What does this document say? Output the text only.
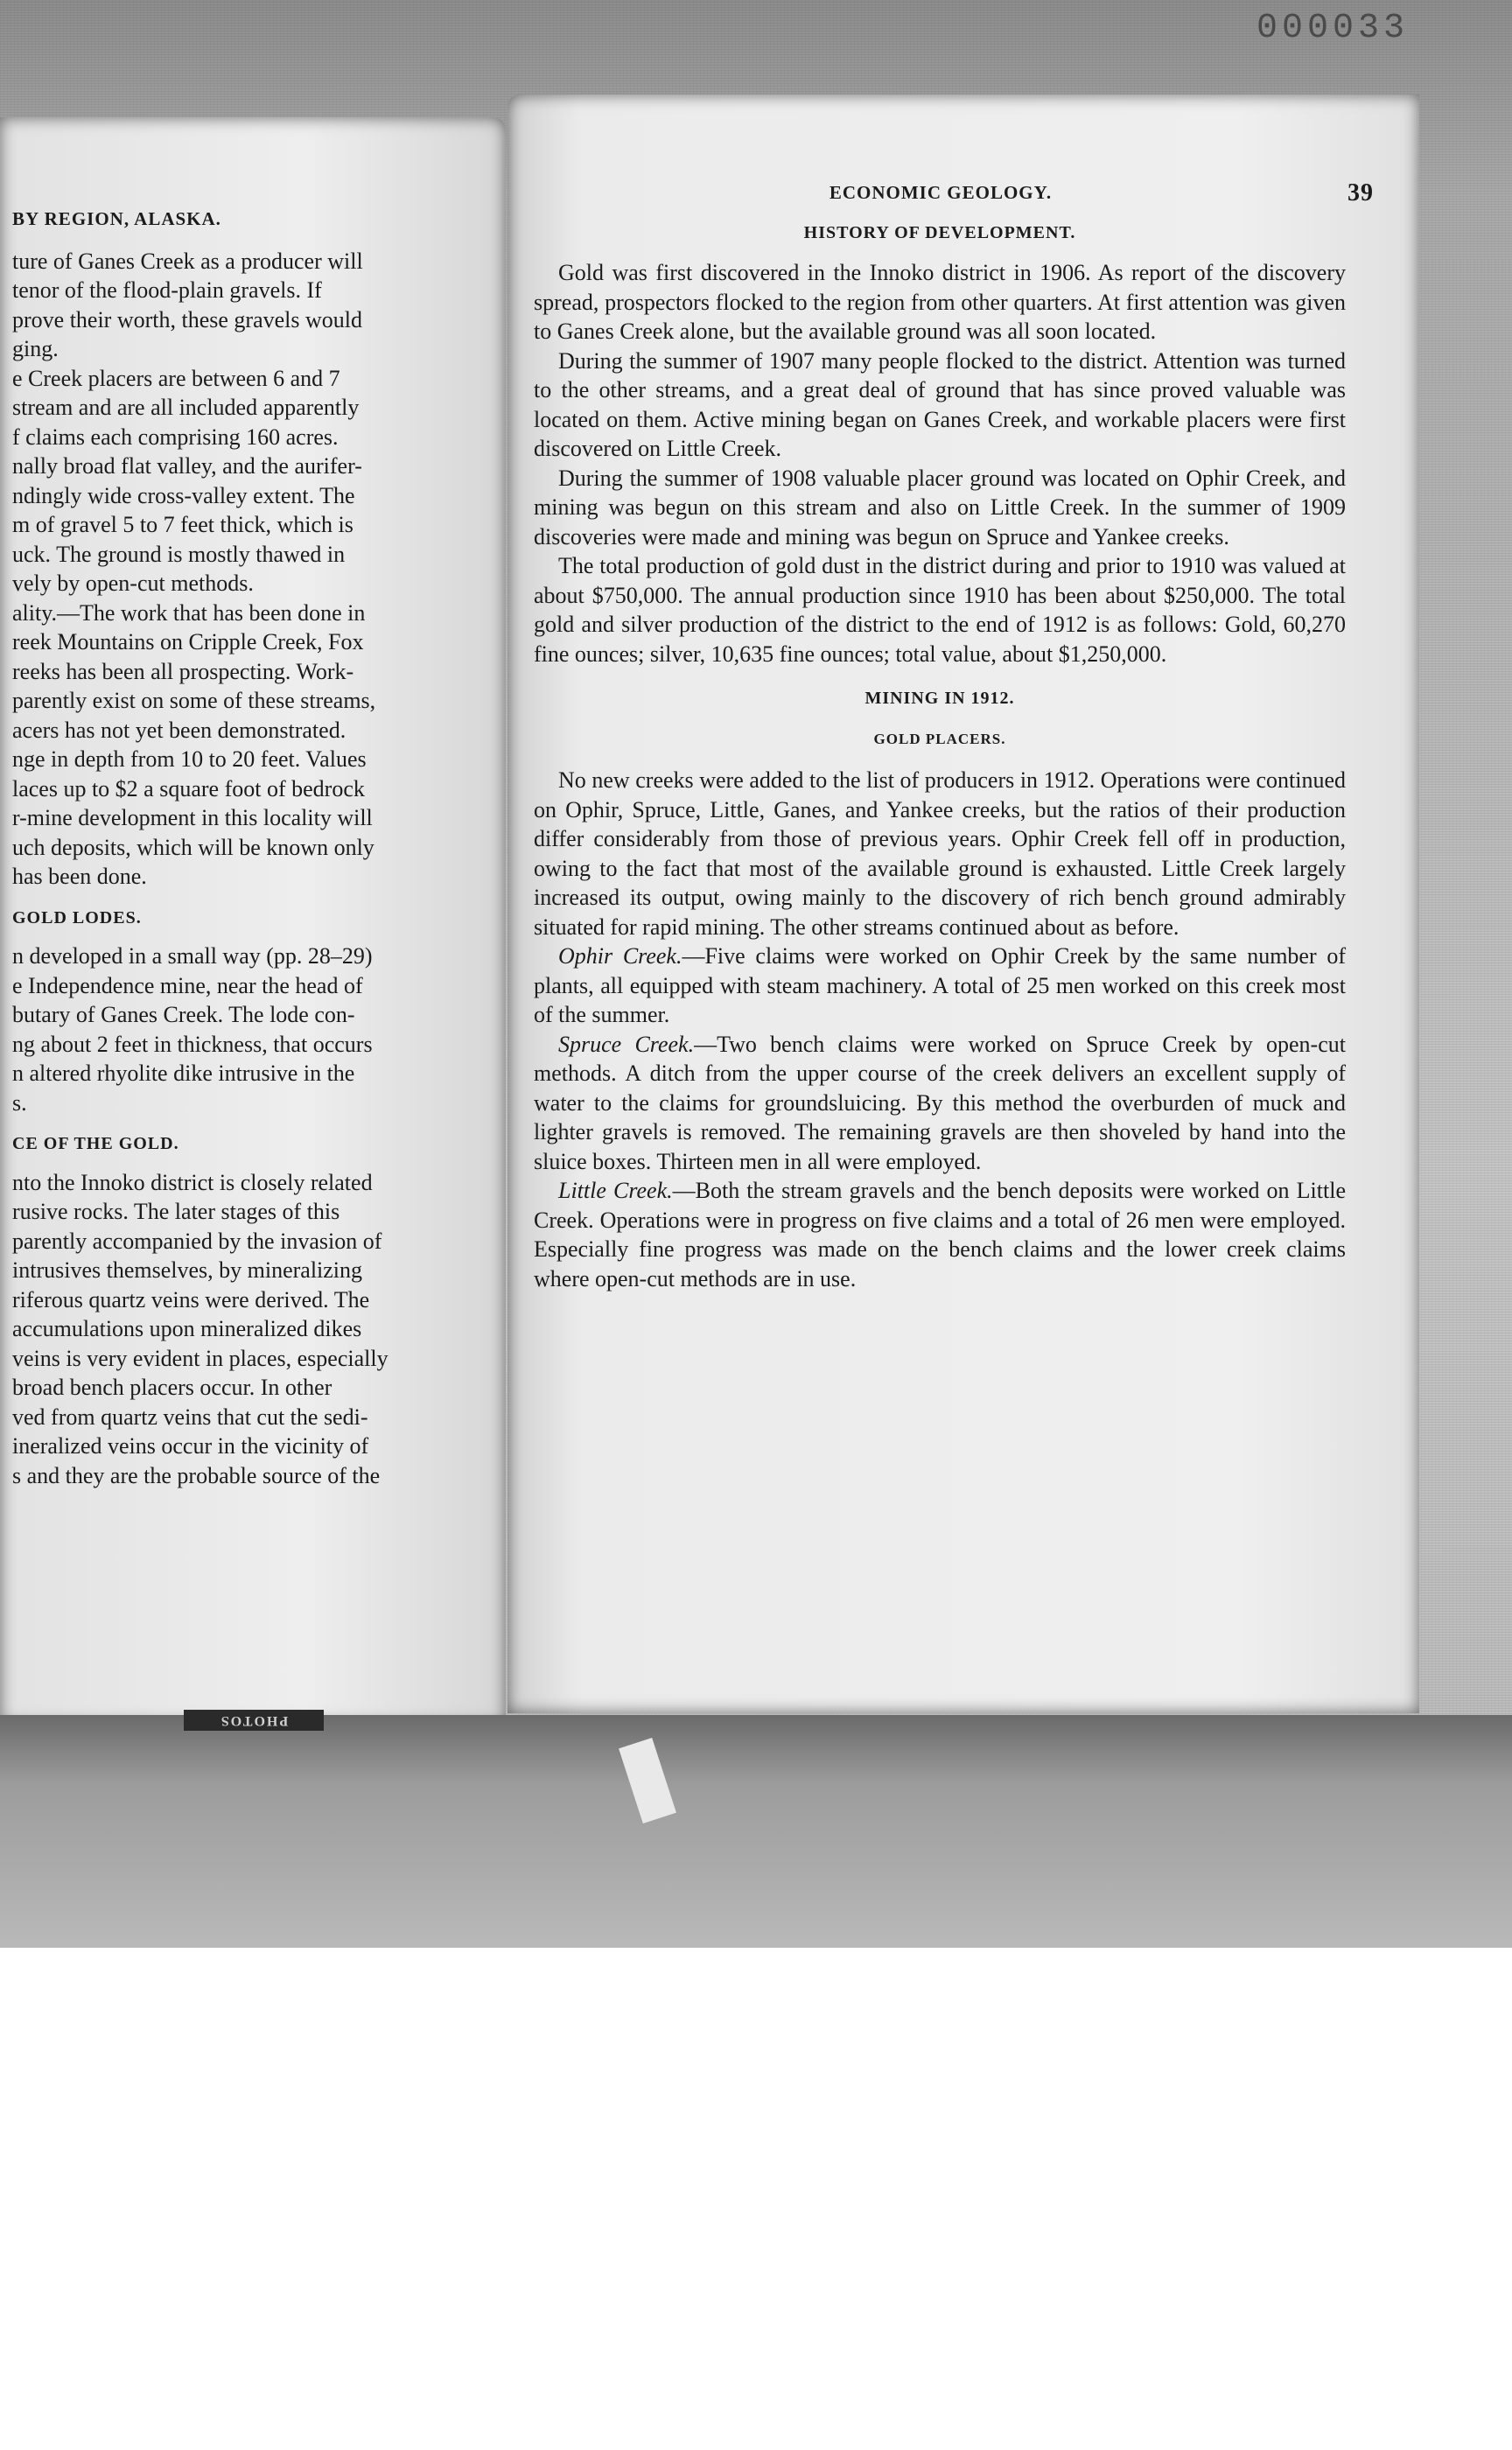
000033
BY REGION, ALASKA.
ture of Ganes Creek as a producer will
tenor of the flood-plain gravels. If
prove their worth, these gravels would
ging.
e Creek placers are between 6 and 7
stream and are all included apparently
f claims each comprising 160 acres.
nally broad flat valley, and the aurifer-
ndingly wide cross-valley extent. The
m of gravel 5 to 7 feet thick, which is
uck. The ground is mostly thawed in
vely by open-cut methods.
ality.—The work that has been done in
reek Mountains on Cripple Creek, Fox
reeks has been all prospecting. Work-
parently exist on some of these streams,
acers has not yet been demonstrated.
nge in depth from 10 to 20 feet. Values
laces up to $2 a square foot of bedrock
r-mine development in this locality will
uch deposits, which will be known only
has been done.
GOLD LODES.
n developed in a small way (pp. 28–29)
e Independence mine, near the head of
butary of Ganes Creek. The lode con-
ng about 2 feet in thickness, that occurs
n altered rhyolite dike intrusive in the
s.
CE OF THE GOLD.
nto the Innoko district is closely related
rusive rocks. The later stages of this
parently accompanied by the invasion of
intrusives themselves, by mineralizing
riferous quartz veins were derived. The
accumulations upon mineralized dikes
veins is very evident in places, especially
broad bench placers occur. In other
ved from quartz veins that cut the sedi-
ineralized veins occur in the vicinity of
s and they are the probable source of the
ECONOMIC GEOLOGY.	39
HISTORY OF DEVELOPMENT.

Gold was first discovered in the Innoko district in 1906. As report of the discovery spread, prospectors flocked to the region from other quarters. At first attention was given to Ganes Creek alone, but the available ground was all soon located.

During the summer of 1907 many people flocked to the district. Attention was turned to the other streams, and a great deal of ground that has since proved valuable was located on them. Active mining began on Ganes Creek, and workable placers were first discovered on Little Creek.

During the summer of 1908 valuable placer ground was located on Ophir Creek, and mining was begun on this stream and also on Little Creek. In the summer of 1909 discoveries were made and mining was begun on Spruce and Yankee creeks.

The total production of gold dust in the district during and prior to 1910 was valued at about $750,000. The annual production since 1910 has been about $250,000. The total gold and silver production of the district to the end of 1912 is as follows: Gold, 60,270 fine ounces; silver, 10,635 fine ounces; total value, about $1,250,000.

MINING IN 1912.
GOLD PLACERS.

No new creeks were added to the list of producers in 1912. Operations were continued on Ophir, Spruce, Little, Ganes, and Yankee creeks, but the ratios of their production differ considerably from those of previous years. Ophir Creek fell off in production, owing to the fact that most of the available ground is exhausted. Little Creek largely increased its output, owing mainly to the discovery of rich bench ground admirably situated for rapid mining. The other streams continued about as before.

Ophir Creek.—Five claims were worked on Ophir Creek by the same number of plants, all equipped with steam machinery. A total of 25 men worked on this creek most of the summer.

Spruce Creek.—Two bench claims were worked on Spruce Creek by open-cut methods. A ditch from the upper course of the creek delivers an excellent supply of water to the claims for groundsluicing. By this method the overburden of muck and lighter gravels is removed. The remaining gravels are then shoveled by hand into the sluice boxes. Thirteen men in all were employed.

Little Creek.—Both the stream gravels and the bench deposits were worked on Little Creek. Operations were in progress on five claims and a total of 26 men were employed. Especially fine progress was made on the bench claims and the lower creek claims where open-cut methods are in use.

PHOTOS
